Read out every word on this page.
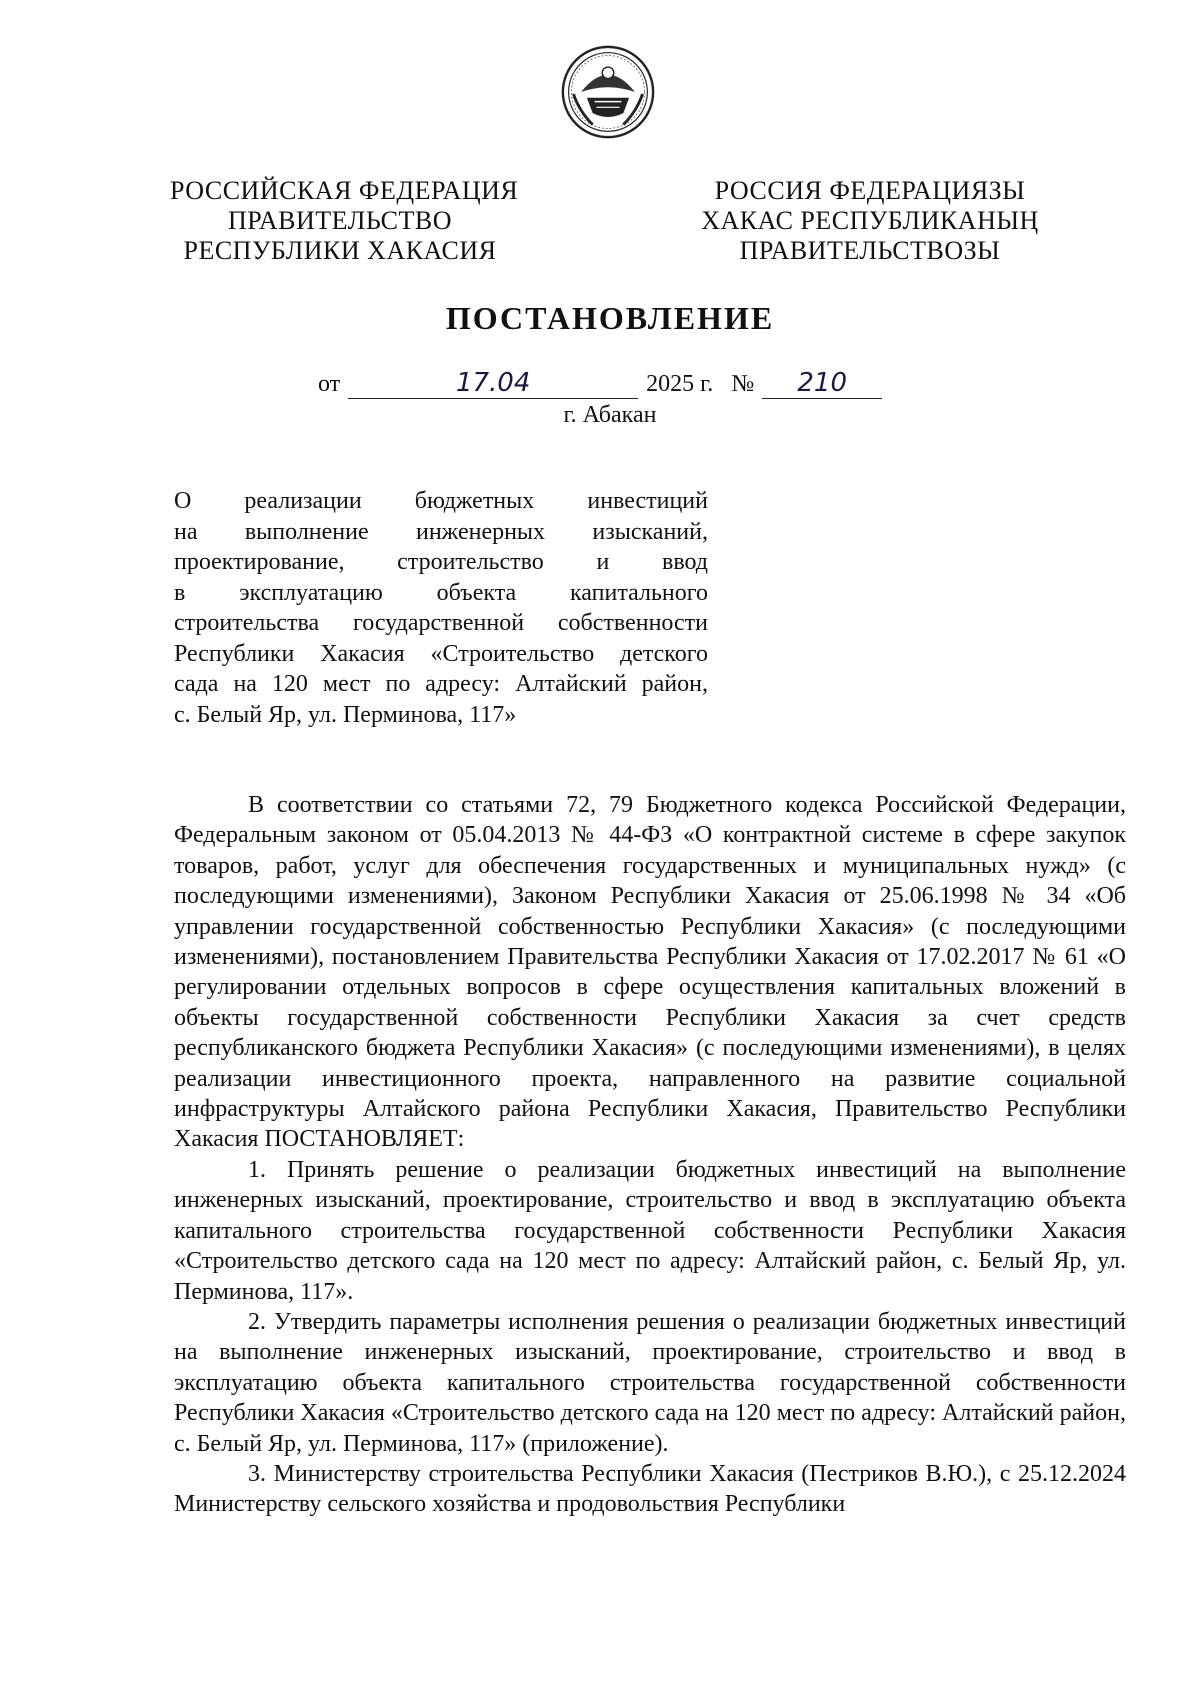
РОССИЙСКАЯ ФЕДЕРАЦИЯ
ПРАВИТЕЛЬСТВО
РЕСПУБЛИКИ ХАКАСИЯ
РОССИЯ ФЕДЕРАЦИЯЗЫ
ХАКАС РЕСПУБЛИКАНЫҢ
ПРАВИТЕЛЬСТВОЗЫ
ПОСТАНОВЛЕНИЕ
от	17.04	2025 г. № 210
г. Абакан
О реализации бюджетных инвестиций
на выполнение инженерных изысканий,
проектирование, строительство и ввод
в эксплуатацию объекта капитального
строительства государственной собственности
Республики Хакасия «Строительство детского
сада на 120 мест по адресу: Алтайский район,
с. Белый Яр, ул. Перминова, 117»

В соответствии со статьями 72, 79 Бюджетного кодекса Российской Федерации, Федеральным законом от 05.04.2013 № 44-ФЗ «О контрактной системе в сфере закупок товаров, работ, услуг для обеспечения государственных и муниципальных нужд» (с последующими изменениями), Законом Республики Хакасия от 25.06.1998 № 34 «Об управлении государственной собственностью Республики Хакасия» (с последующими изменениями), постановлением Правительства Республики Хакасия от 17.02.2017 № 61 «О регулировании отдельных вопросов в сфере осуществления капитальных вложений в объекты государственной собственности Республики Хакасия за счет средств республиканского бюджета Республики Хакасия» (с последующими изменениями), в целях реализации инвестиционного проекта, направленного на развитие социальной инфраструктуры Алтайского района Республики Хакасия, Правительство Республики Хакасия ПОСТАНОВЛЯЕТ:

1. Принять решение о реализации бюджетных инвестиций на выполнение инженерных изысканий, проектирование, строительство и ввод в эксплуатацию объекта капитального строительства государственной собственности Республики Хакасия «Строительство детского сада на 120 мест по адресу: Алтайский район, с. Белый Яр, ул. Перминова, 117».

2. Утвердить параметры исполнения решения о реализации бюджетных инвестиций на выполнение инженерных изысканий, проектирование, строительство и ввод в эксплуатацию объекта капитального строительства государственной собственности Республики Хакасия «Строительство детского сада на 120 мест по адресу: Алтайский район, с. Белый Яр, ул. Перминова, 117» (приложение).

3. Министерству строительства Республики Хакасия (Пестриков В.Ю.), с 25.12.2024 Министерству сельского хозяйства и продовольствия Республики
